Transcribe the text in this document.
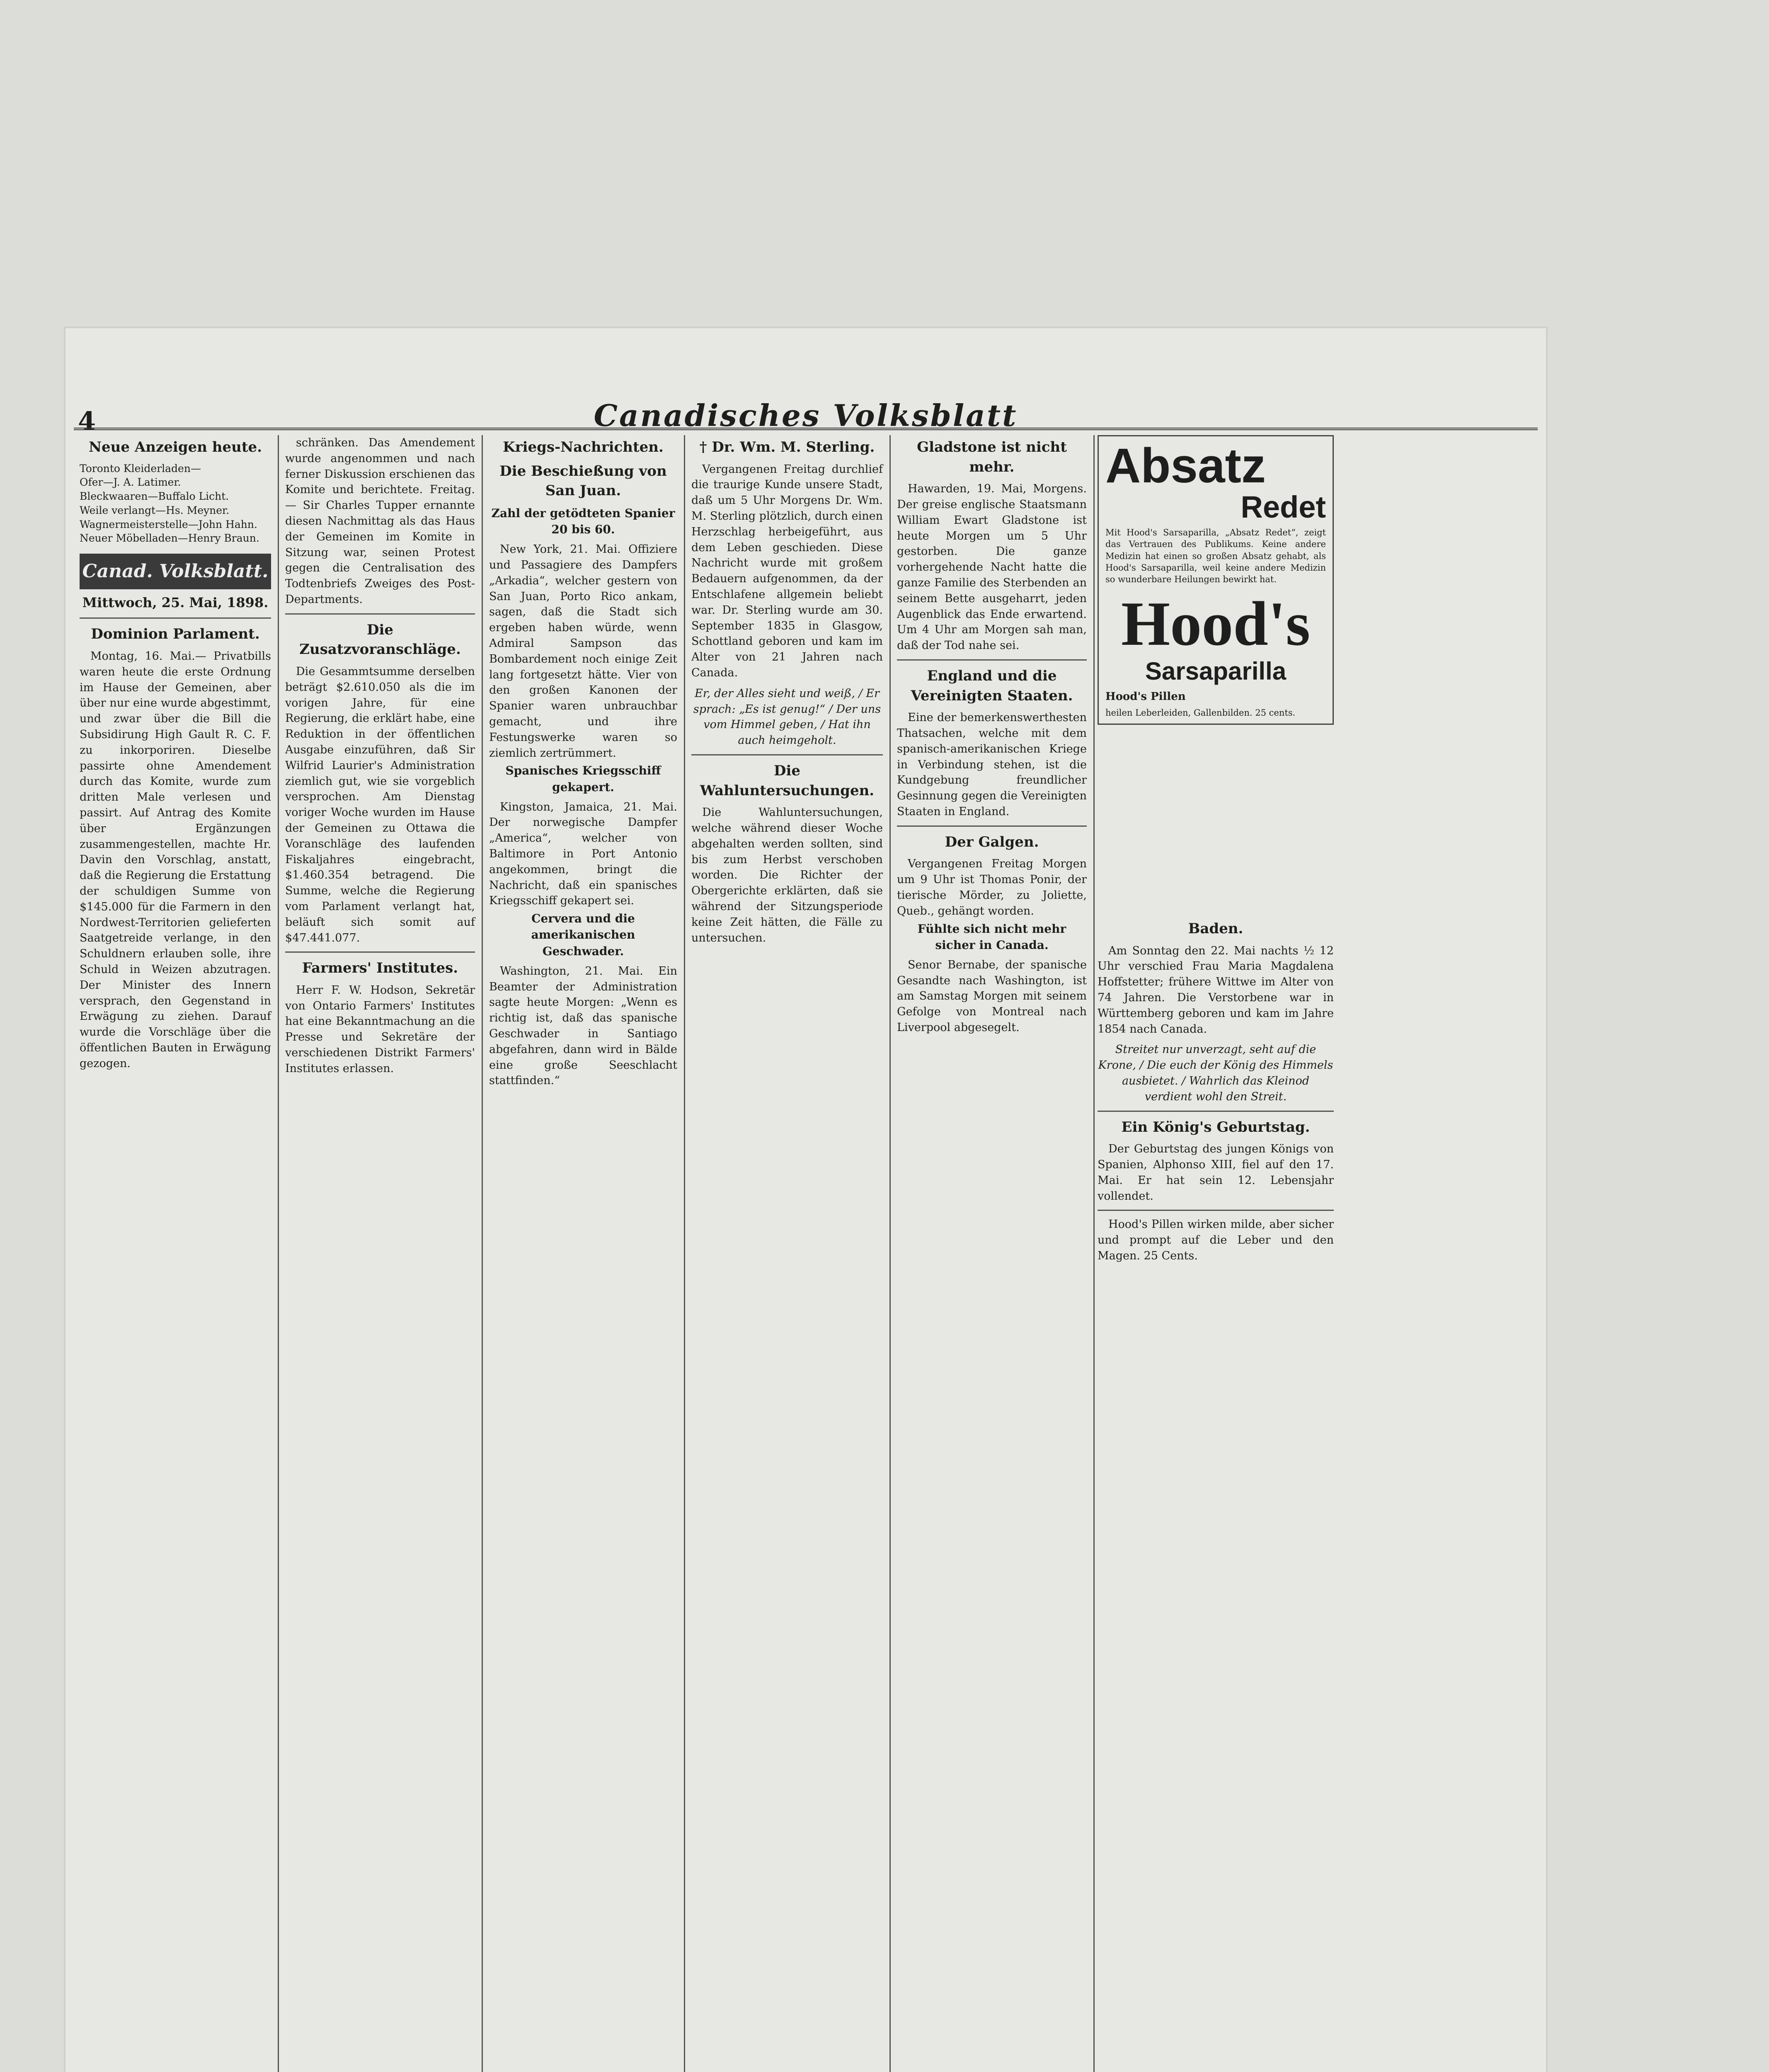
4	Canadisches Volksblatt
Neue Anzeigen heute.
Toronto Kleiderladen—
Ofer—J. A. Latimer.
Bleckwaaren—Buffalo Licht.
Weile verlangt—Hs. Meyner.
Wagnermeisterstelle—John Hahn.
Neuer Möbelladen—Henry Braun.
Canad. Volksblatt.
Mittwoch, 25. Mai, 1898.
Dominion Parlament.

Montag, 16. Mai.— Privatbills waren heute die erste Ordnung im Hause der Gemeinen, aber über nur eine wurde abgestimmt, und zwar über die Bill die Subsidirung High Gault R. C. F. zu inkorporiren. Dieselbe passirte ohne Amendement durch das Komite, wurde zum dritten Male verlesen und passirt. Auf Antrag des Komite über Ergänzungen zusammengestellen, machte Hr. Davin den Vorschlag, anstatt, daß die Regierung die Erstattung der schuldigen Summe von $145.000 für die Farmern in den Nordwest-Territorien gelieferten Saatgetreide verlange, in den Schuldnern erlauben solle, ihre Schuld in Weizen abzutragen. Der Minister des Innern versprach, den Gegenstand in Erwägung zu ziehen. Darauf wurde die Vorschläge über die öffentlichen Bauten in Erwägung gezogen.

schränken. Das Amendement wurde angenommen und nach ferner Diskussion erschienen das Komite und berichtete. Freitag.— Sir Charles Tupper ernannte diesen Nachmittag als das Haus der Gemeinen im Komite in Sitzung war, seinen Protest gegen die Centralisation des Todtenbriefs Zweiges des Post-Departments.

Die Zusatzvoranschläge.

Die Gesammtsumme derselben beträgt $2.610.050 als die im vorigen Jahre, für eine Regierung, die erklärt habe, eine Reduktion in der öffentlichen Ausgabe einzuführen, daß Sir Wilfrid Laurier's Administration ziemlich gut, wie sie vorgeblich versprochen. Am Dienstag voriger Woche wurden im Hause der Gemeinen zu Ottawa die Voranschläge des laufenden Fiskaljahres eingebracht, $1.460.354 betragend. Die Summe, welche die Regierung vom Parlament verlangt hat, beläuft sich somit auf $47.441.077.

Farmers' Institutes.

Herr F. W. Hodson, Sekretär von Ontario Farmers' Institutes hat eine Bekanntmachung an die Presse und Sekretäre der verschiedenen Distrikt Farmers' Institutes erlassen.

Kriegs-Nachrichten.
Die Beschießung von San Juan.
Zahl der getödteten Spanier 20 bis 60.

New York, 21. Mai. Offiziere und Passagiere des Dampfers „Arkadia“, welcher gestern von San Juan, Porto Rico ankam, sagen, daß die Stadt sich ergeben haben würde, wenn Admiral Sampson das Bombardement noch einige Zeit lang fortgesetzt hätte. Vier von den großen Kanonen der Spanier waren unbrauchbar gemacht, und ihre Festungswerke waren so ziemlich zertrümmert.

Spanisches Kriegsschiff gekapert.

Kingston, Jamaica, 21. Mai. Der norwegische Dampfer „America“, welcher von Baltimore in Port Antonio angekommen, bringt die Nachricht, daß ein spanisches Kriegsschiff gekapert sei.

Cervera und die amerikanischen Geschwader.

Washington, 21. Mai. Ein Beamter der Administration sagte heute Morgen: „Wenn es richtig ist, daß das spanische Geschwader in Santiago abgefahren, dann wird in Bälde eine große Seeschlacht stattfinden.“

† Dr. Wm. M. Sterling.

Vergangenen Freitag durchlief die traurige Kunde unsere Stadt, daß um 5 Uhr Morgens Dr. Wm. M. Sterling plötzlich, durch einen Herzschlag herbeigeführt, aus dem Leben geschieden. Diese Nachricht wurde mit großem Bedauern aufgenommen, da der Entschlafene allgemein beliebt war. Dr. Sterling wurde am 30. September 1835 in Glasgow, Schottland geboren und kam im Alter von 21 Jahren nach Canada.

Er, der Alles sieht und weiß, / Er sprach: „Es ist genug!“ / Der uns vom Himmel geben, / Hat ihn auch heimgeholt.

Die Wahluntersuchungen.

Die Wahluntersuchungen, welche während dieser Woche abgehalten werden sollten, sind bis zum Herbst verschoben worden. Die Richter der Obergerichte erklärten, daß sie während der Sitzungsperiode keine Zeit hätten, die Fälle zu untersuchen.

Gladstone ist nicht mehr.

Hawarden, 19. Mai, Morgens. Der greise englische Staatsmann William Ewart Gladstone ist heute Morgen um 5 Uhr gestorben. Die ganze vorhergehende Nacht hatte die ganze Familie des Sterbenden an seinem Bette ausgeharrt, jeden Augenblick das Ende erwartend. Um 4 Uhr am Morgen sah man, daß der Tod nahe sei.

England und die Vereinigten Staaten.

Eine der bemerkenswerthesten Thatsachen, welche mit dem spanisch-amerikanischen Kriege in Verbindung stehen, ist die Kundgebung freundlicher Gesinnung gegen die Vereinigten Staaten in England.

Der Galgen.

Vergangenen Freitag Morgen um 9 Uhr ist Thomas Ponir, der tierische Mörder, zu Joliette, Queb., gehängt worden.

Fühlte sich nicht mehr sicher in Canada.

Senor Bernabe, der spanische Gesandte nach Washington, ist am Samstag Morgen mit seinem Gefolge von Montreal nach Liverpool abgesegelt.

Absatz
Redet
Mit Hood's Sarsaparilla, „Absatz Redet“, zeigt das Vertrauen des Publikums. Keine andere Medizin hat einen so großen Absatz gehabt, als Hood's Sarsaparilla, weil keine andere Medizin so wunderbare Heilungen bewirkt hat.
Hood's
Sarsaparilla
Hood's Pillen
heilen Leberleiden, Gallenbilden. 25 cents.
Baden.

Am Sonntag den 22. Mai nachts ½ 12 Uhr verschied Frau Maria Magdalena Hoffstetter; frühere Wittwe im Alter von 74 Jahren. Die Verstorbene war in Württemberg geboren und kam im Jahre 1854 nach Canada.

Streitet nur unverzagt, seht auf die Krone, / Die euch der König des Himmels ausbietet. / Wahrlich das Kleinod verdient wohl den Streit.

Ein König's Geburtstag.

Der Geburtstag des jungen Königs von Spanien, Alphonso XIII, fiel auf den 17. Mai. Er hat sein 12. Lebensjahr vollendet.

Hood's Pillen wirken milde, aber sicher und prompt auf die Leber und den Magen. 25 Cents.
